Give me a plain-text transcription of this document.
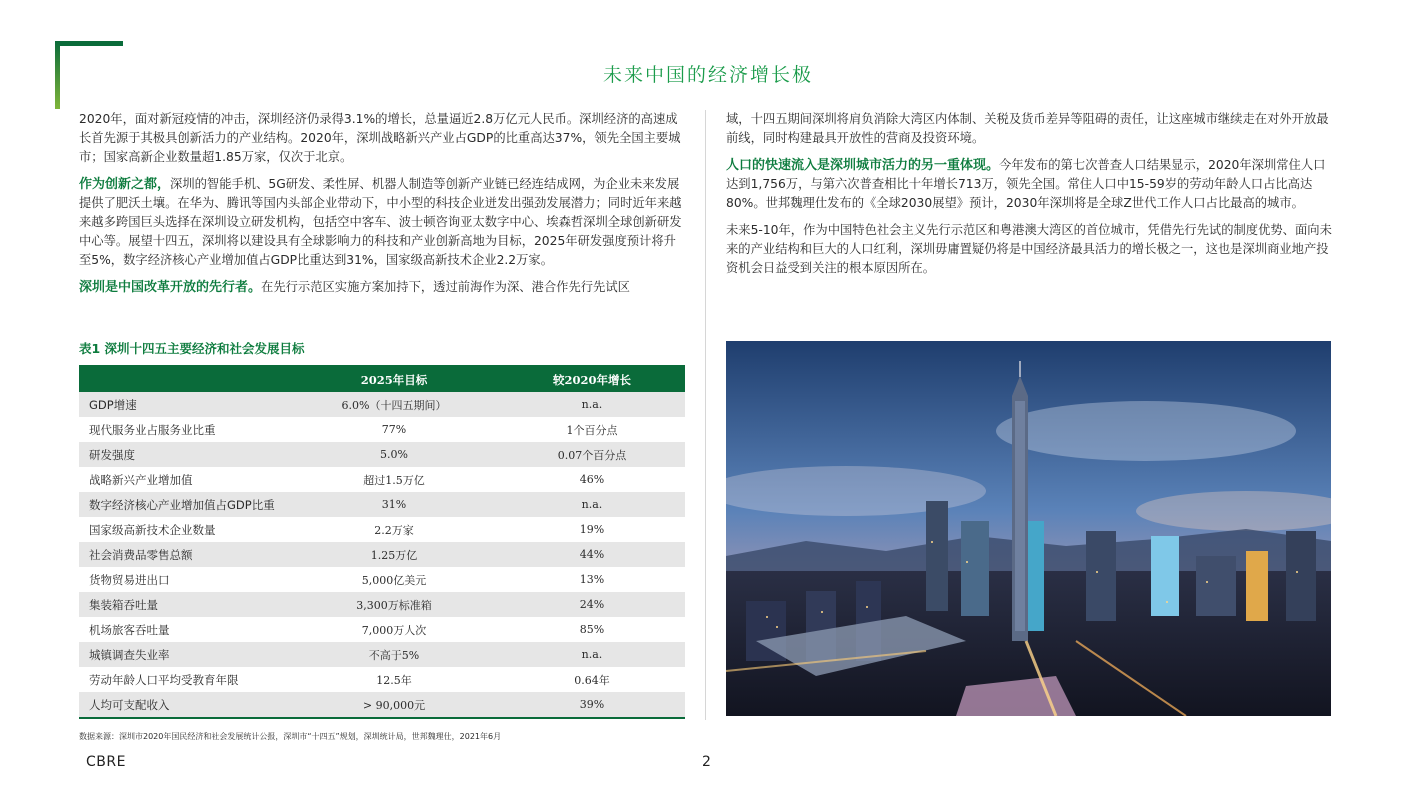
未来中国的经济增长极

2020年，面对新冠疫情的冲击，深圳经济仍录得3.1%的增长，总量逼近2.8万亿元人民币。深圳经济的高速成长首先源于其极具创新活力的产业结构。2020年，深圳战略新兴产业占GDP的比重高达37%，领先全国主要城市；国家高新企业数量超1.85万家，仅次于北京。

作为创新之都，深圳的智能手机、5G研发、柔性屏、机器人制造等创新产业链已经连结成网，为企业未来发展提供了肥沃土壤。在华为、腾讯等国内头部企业带动下，中小型的科技企业迸发出强劲发展潜力；同时近年来越来越多跨国巨头选择在深圳设立研发机构，包括空中客车、波士顿咨询亚太数字中心、埃森哲深圳全球创新研发中心等。展望十四五，深圳将以建设具有全球影响力的科技和产业创新高地为目标，2025年研发强度预计将升至5%，数字经济核心产业增加值占GDP比重达到31%，国家级高新技术企业2.2万家。

深圳是中国改革开放的先行者。在先行示范区实施方案加持下，透过前海作为深、港合作先行先试区

表1 深圳十四五主要经济和社会发展目标
	2025年目标	较2020年增长
GDP增速	6.0%（十四五期间）	n.a.
现代服务业占服务业比重	77%	1个百分点
研发强度	5.0%	0.07个百分点
战略新兴产业增加值	超过1.5万亿	46%
数字经济核心产业增加值占GDP比重	31%	n.a.
国家级高新技术企业数量	2.2万家	19%
社会消费品零售总额	1.25万亿	44%
货物贸易进出口	5,000亿美元	13%
集装箱吞吐量	3,300万标准箱	24%
机场旅客吞吐量	7,000万人次	85%
城镇调查失业率	不高于5%	n.a.
劳动年龄人口平均受教育年限	12.5年	0.64年
人均可支配收入	> 90,000元	39%

域，十四五期间深圳将肩负消除大湾区内体制、关税及货币差异等阻碍的责任，让这座城市继续走在对外开放最前线，同时构建最具开放性的营商及投资环境。

人口的快速流入是深圳城市活力的另一重体现。今年发布的第七次普查人口结果显示，2020年深圳常住人口达到1,756万，与第六次普查相比十年增长713万，领先全国。常住人口中15-59岁的劳动年龄人口占比高达80%。世邦魏理仕发布的《全球2030展望》预计，2030年深圳将是全球Z世代工作人口占比最高的城市。

未来5-10年，作为中国特色社会主义先行示范区和粤港澳大湾区的首位城市，凭借先行先试的制度优势、面向未来的产业结构和巨大的人口红利，深圳毋庸置疑仍将是中国经济最具活力的增长极之一，这也是深圳商业地产投资机会日益受到关注的根本原因所在。

数据来源：深圳市2020年国民经济和社会发展统计公报，深圳市“十四五”规划，深圳统计局，世邦魏理仕，2021年6月
CBRE	2
